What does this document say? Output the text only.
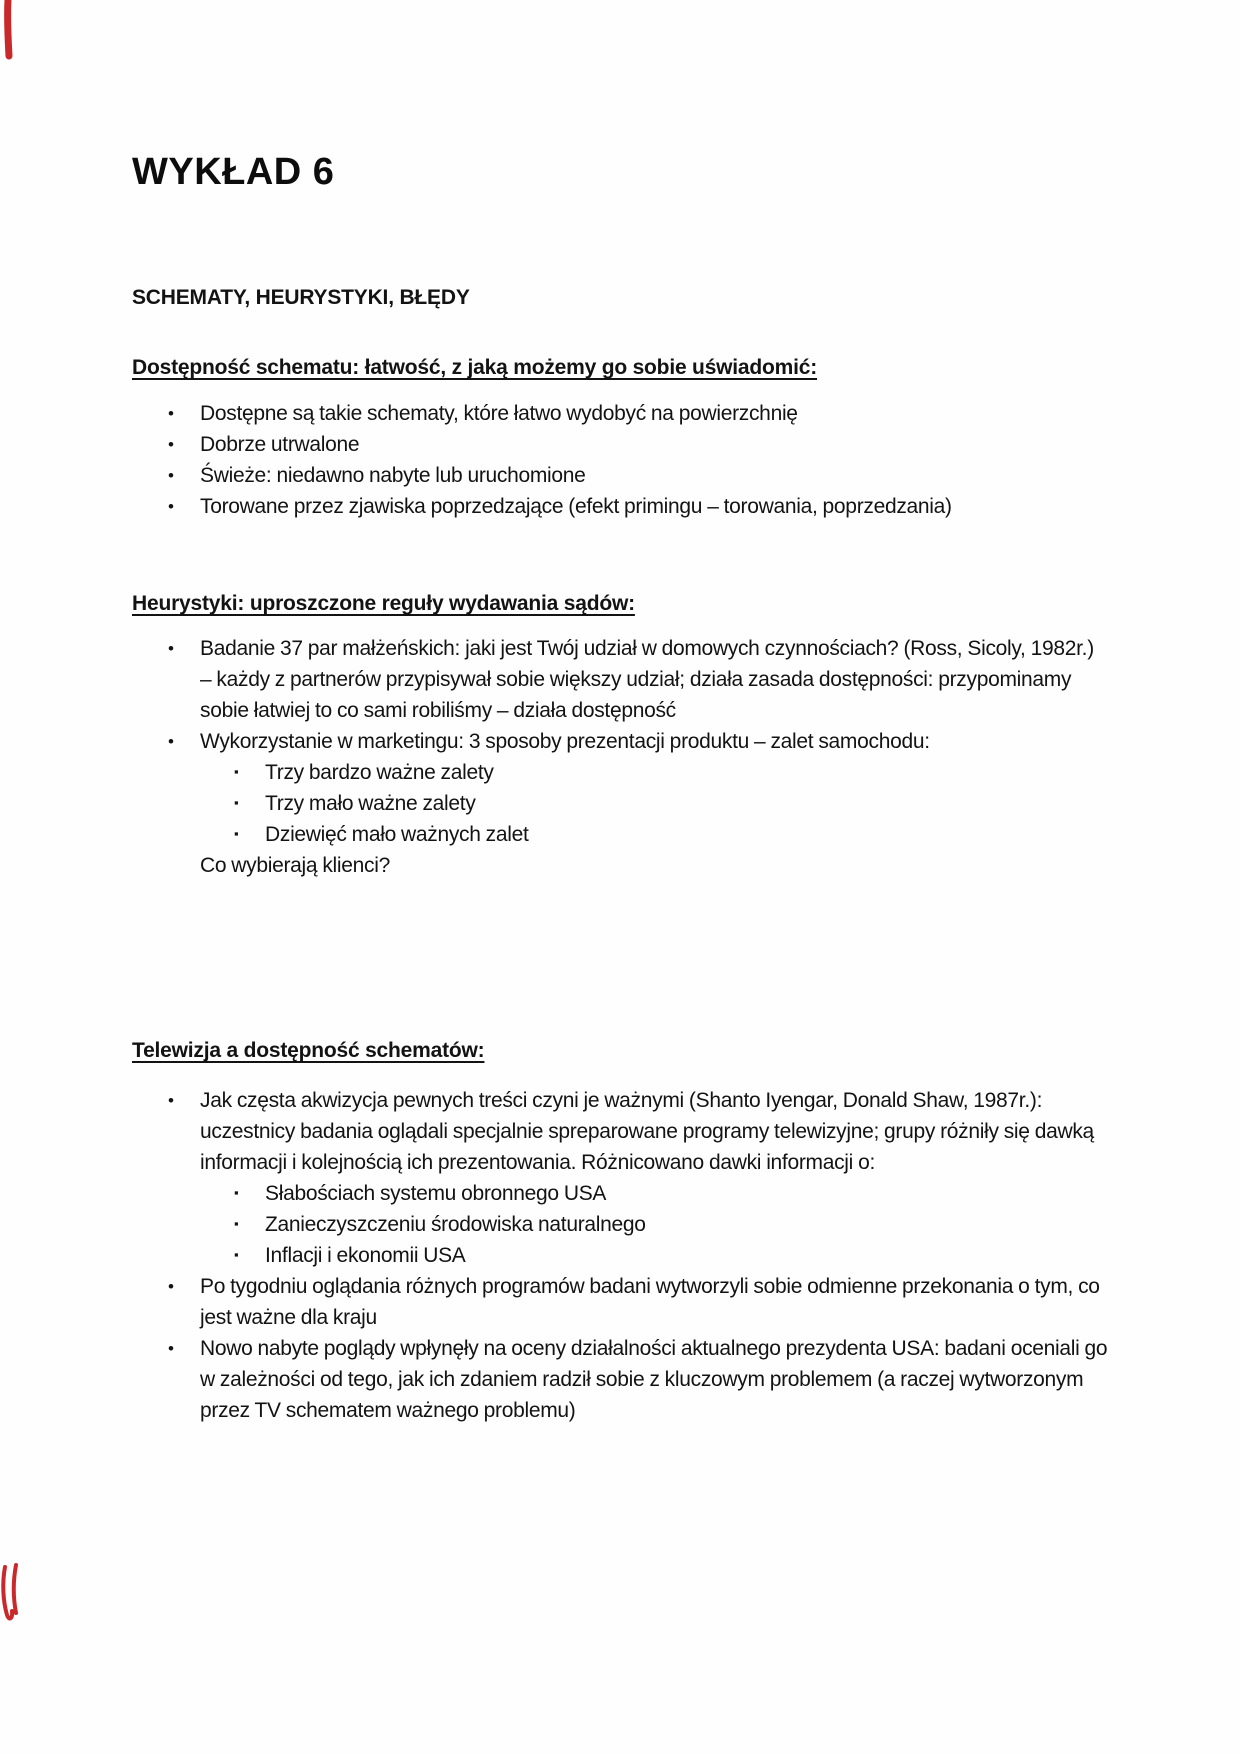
WYKŁAD 6
SCHEMATY, HEURYSTYKI, BŁĘDY
Dostępność schematu: łatwość, z jaką możemy go sobie uświadomić:
• Dostępne są takie schematy, które łatwo wydobyć na powierzchnię
• Dobrze utrwalone
• Świeże: niedawno nabyte lub uruchomione
• Torowane przez zjawiska poprzedzające (efekt primingu – torowania, poprzedzania)
Heurystyki: uproszczone reguły wydawania sądów:
• Badanie 37 par małżeńskich: jaki jest Twój udział w domowych czynnościach? (Ross, Sicoly, 1982r.) – każdy z partnerów przypisywał sobie większy udział; działa zasada dostępności: przypominamy sobie łatwiej to co sami robiliśmy – działa dostępność
• Wykorzystanie w marketingu: 3 sposoby prezentacji produktu – zalet samochodu:
▪ Trzy bardzo ważne zalety
▪ Trzy mało ważne zalety
▪ Dziewięć mało ważnych zalet
Co wybierają klienci?
Telewizja a dostępność schematów:
• Jak częsta akwizycja pewnych treści czyni je ważnymi (Shanto Iyengar, Donald Shaw, 1987r.): uczestnicy badania oglądali specjalnie spreparowane programy telewizyjne; grupy różniły się dawką informacji i kolejnością ich prezentowania. Różnicowano dawki informacji o:
▪ Słabościach systemu obronnego USA
▪ Zanieczyszczeniu środowiska naturalnego
▪ Inflacji i ekonomii USA
• Po tygodniu oglądania różnych programów badani wytworzyli sobie odmienne przekonania o tym, co jest ważne dla kraju
• Nowo nabyte poglądy wpłynęły na oceny działalności aktualnego prezydenta USA: badani oceniali go w zależności od tego, jak ich zdaniem radził sobie z kluczowym problemem (a raczej wytworzonym przez TV schematem ważnego problemu)
